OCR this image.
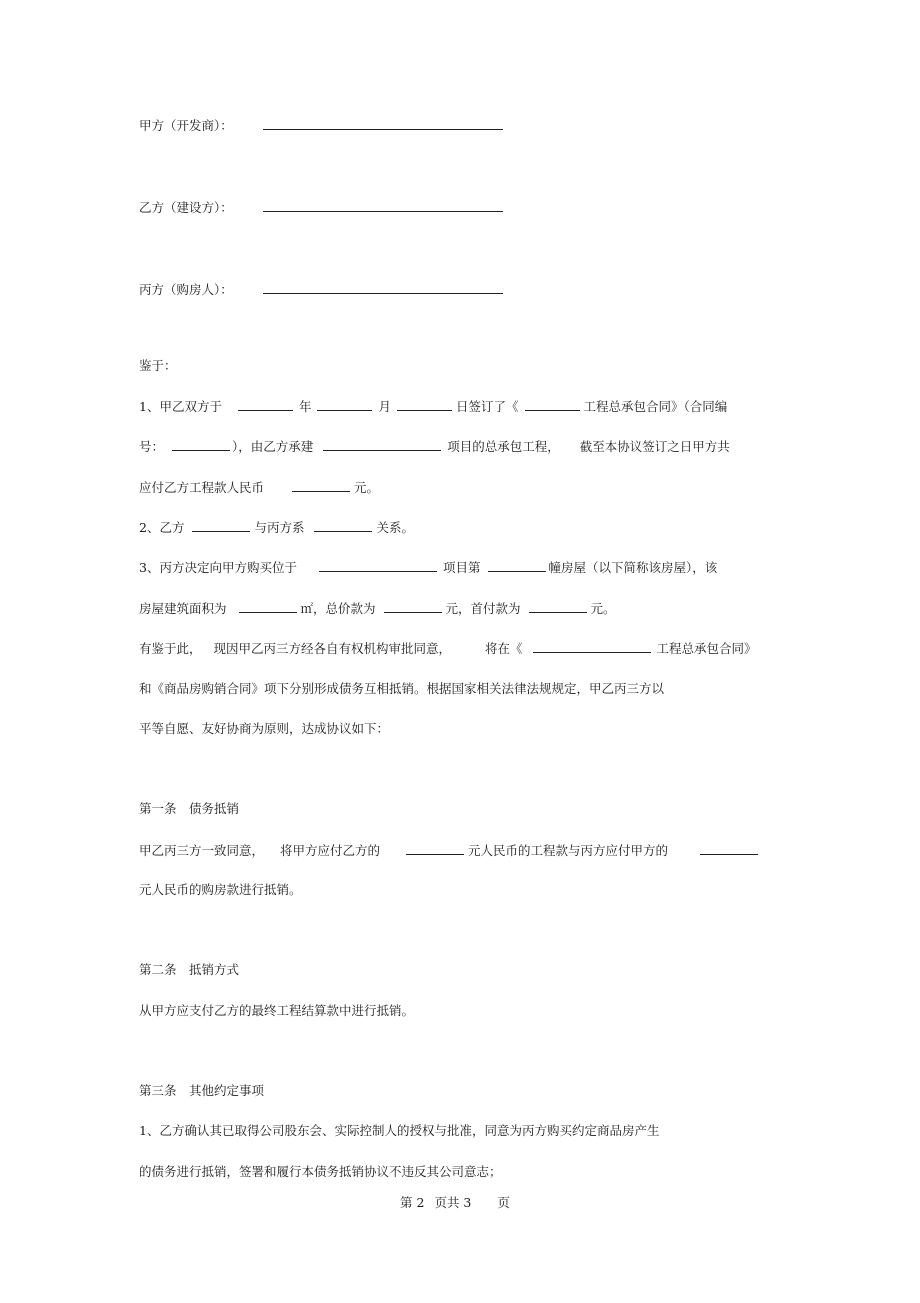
甲方（开发商）：
乙方（建设方）：
丙方（购房人）：
鉴于：
1、甲乙双方于	年	月	日签订了《	工程总承包合同》（合同编
号：	），由乙方承建	项目的总承包工程， 截至本协议签订之日甲方共
应付乙方工程款人民币	元。
2、乙方	与丙方系	关系。
3、丙方决定向甲方购买位于	项目第	幢房屋（以下简称该房屋），该
房屋建筑面积为	㎡，总价款为	元，首付款为	元。
有鉴于此， 现因甲乙丙三方经各自有权机构审批同意，	将在《	工程总承包合同》
和《商品房购销合同》项下分别形成债务互相抵销。根据国家相关法律法规规定，甲乙丙三方以
平等自愿、友好协商为原则，达成协议如下：
第一条　债务抵销
甲乙丙三方一致同意， 将甲方应付乙方的	元人民币的工程款与丙方应付甲方的
元人民币的购房款进行抵销。
第二条　抵销方式
从甲方应支付乙方的最终工程结算款中进行抵销。
第三条　其他约定事项
1、乙方确认其已取得公司股东会、实际控制人的授权与批准，同意为丙方购买约定商品房产生
的债务进行抵销，签署和履行本债务抵销协议不违反其公司意志；
第 2 页共 3 页
